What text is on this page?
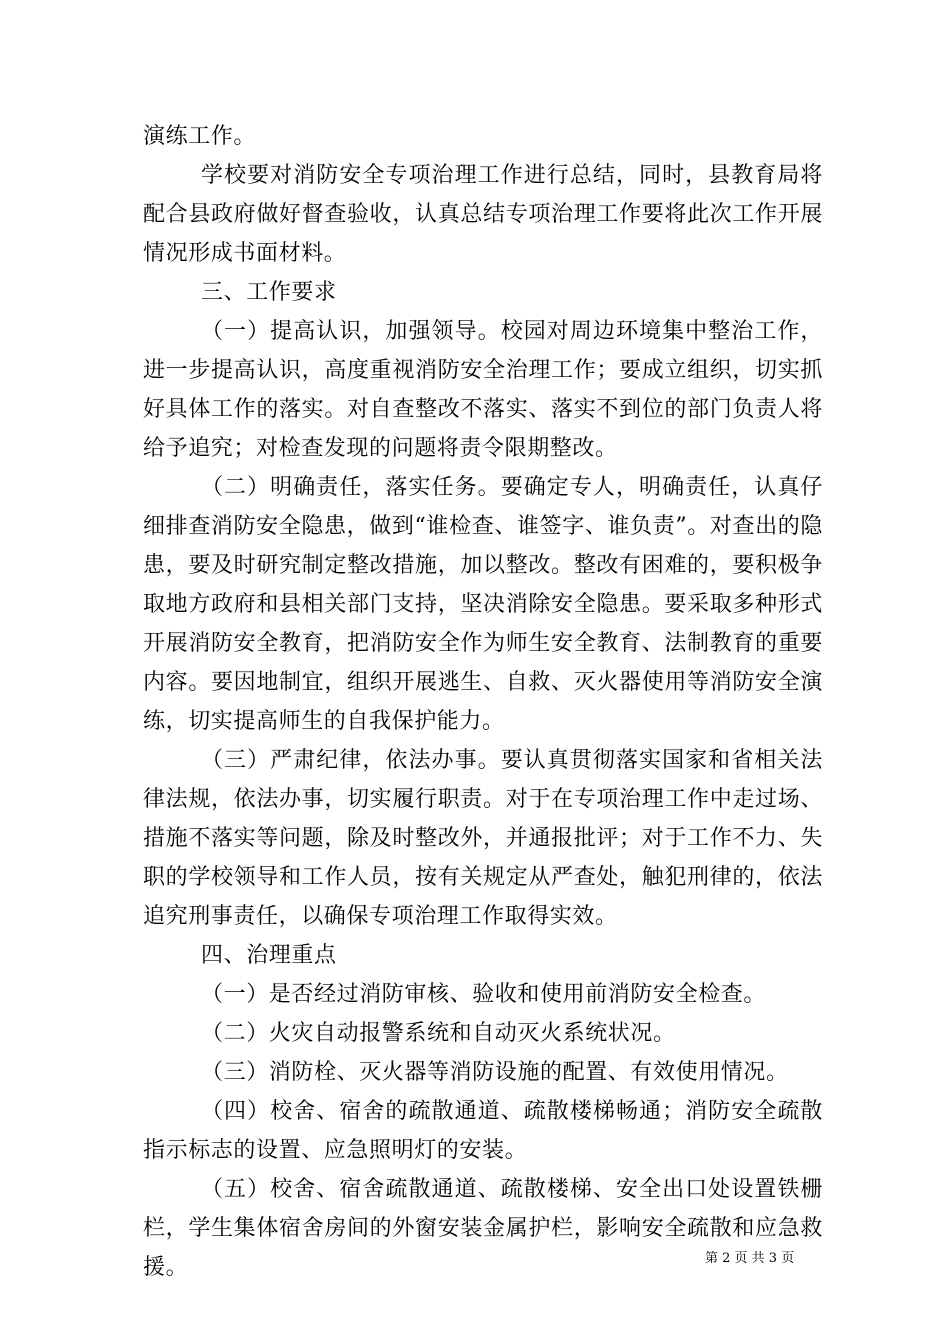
演练工作。

学校要对消防安全专项治理工作进行总结，同时，县教育局将配合县政府做好督查验收，认真总结专项治理工作要将此次工作开展情况形成书面材料。

三、工作要求

（一）提高认识，加强领导。校园对周边环境集中整治工作，进一步提高认识，高度重视消防安全治理工作；要成立组织，切实抓好具体工作的落实。对自查整改不落实、落实不到位的部门负责人将给予追究；对检查发现的问题将责令限期整改。

（二）明确责任，落实任务。要确定专人，明确责任，认真仔细排查消防安全隐患，做到“谁检查、谁签字、谁负责”。对查出的隐患，要及时研究制定整改措施，加以整改。整改有困难的，要积极争取地方政府和县相关部门支持，坚决消除安全隐患。要采取多种形式开展消防安全教育，把消防安全作为师生安全教育、法制教育的重要内容。要因地制宜，组织开展逃生、自救、灭火器使用等消防安全演练，切实提高师生的自我保护能力。

（三）严肃纪律，依法办事。要认真贯彻落实国家和省相关法律法规，依法办事，切实履行职责。对于在专项治理工作中走过场、措施不落实等问题，除及时整改外，并通报批评；对于工作不力、失职的学校领导和工作人员，按有关规定从严查处，触犯刑律的，依法追究刑事责任，以确保专项治理工作取得实效。

四、治理重点

（一）是否经过消防审核、验收和使用前消防安全检查。

（二）火灾自动报警系统和自动灭火系统状况。

（三）消防栓、灭火器等消防设施的配置、有效使用情况。

（四）校舍、宿舍的疏散通道、疏散楼梯畅通；消防安全疏散指示标志的设置、应急照明灯的安装。

（五）校舍、宿舍疏散通道、疏散楼梯、安全出口处设置铁栅栏，学生集体宿舍房间的外窗安装金属护栏，影响安全疏散和应急救援。	第 2 页 共 3 页
